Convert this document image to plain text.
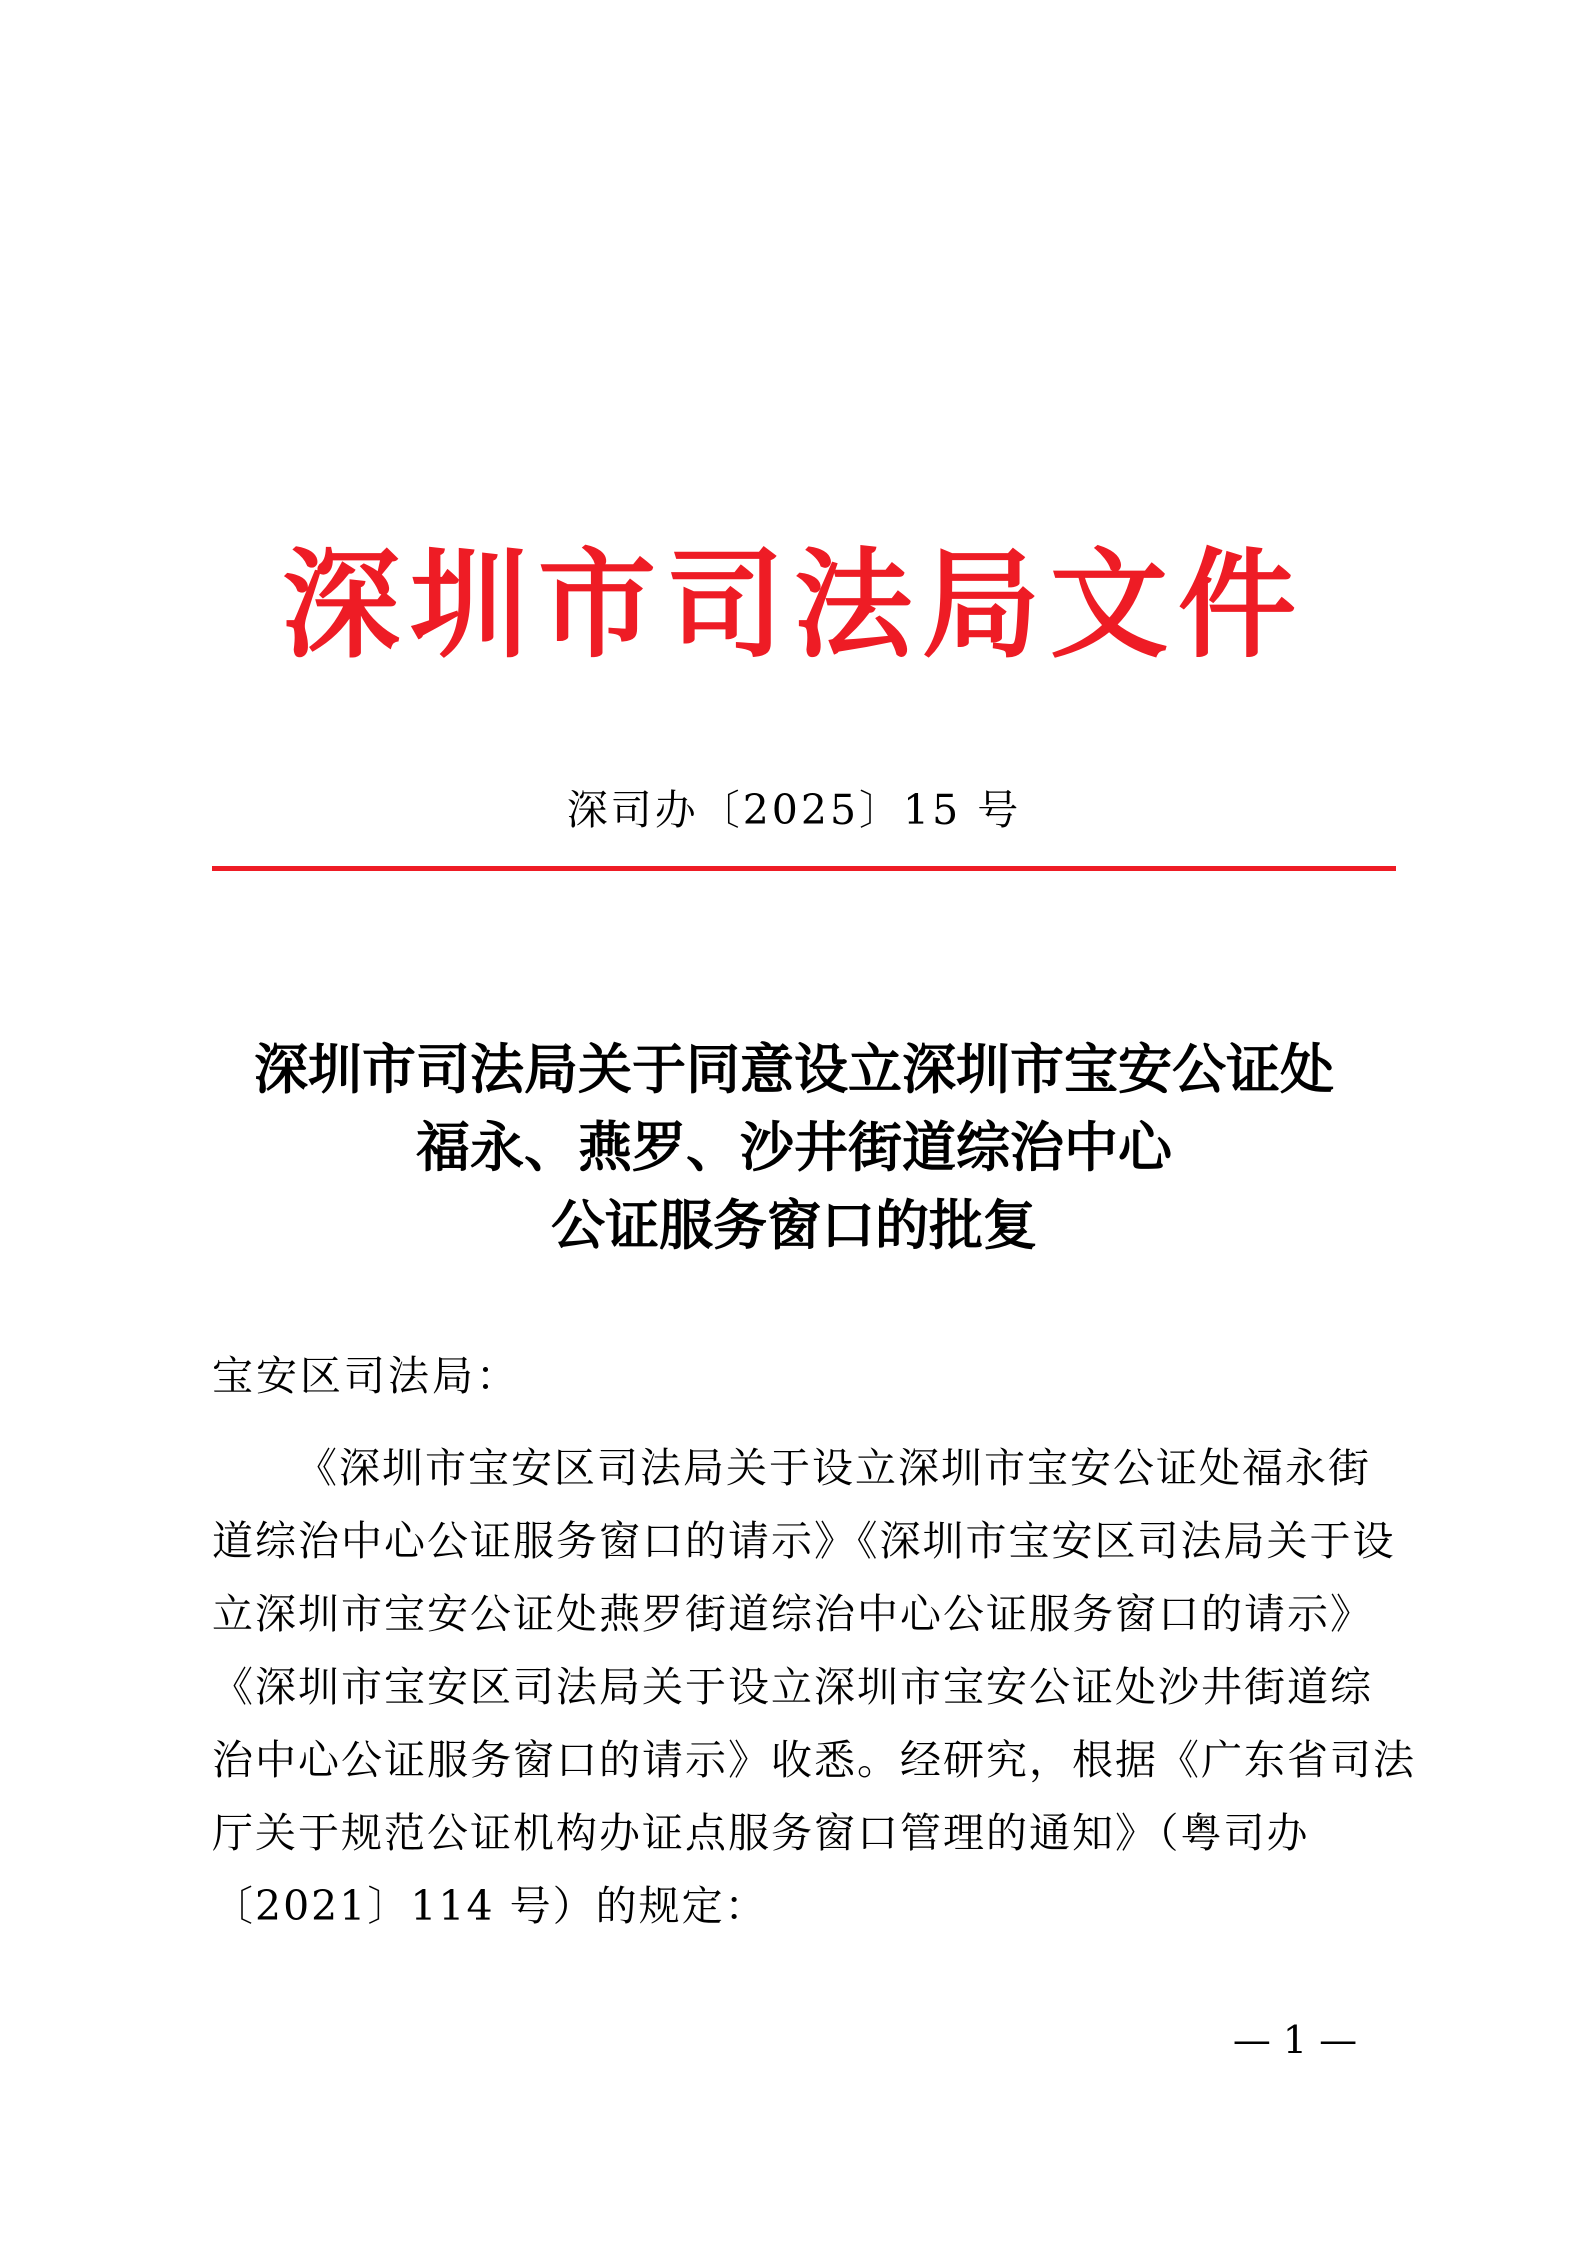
深圳市司法局文件
深司办〔2025〕15 号
深圳市司法局关于同意设立深圳市宝安公证处
福永、燕罗、沙井街道综治中心
公证服务窗口的批复
宝安区司法局：
《深圳市宝安区司法局关于设立深圳市宝安公证处福永街
道综治中心公证服务窗口的请示》《深圳市宝安区司法局关于设
立深圳市宝安公证处燕罗街道综治中心公证服务窗口的请示》
《深圳市宝安区司法局关于设立深圳市宝安公证处沙井街道综
治中心公证服务窗口的请示》收悉。经研究，根据《广东省司法
厅关于规范公证机构办证点服务窗口管理的通知》（粤司办
〔2021〕114 号）的规定：
— 1 —
